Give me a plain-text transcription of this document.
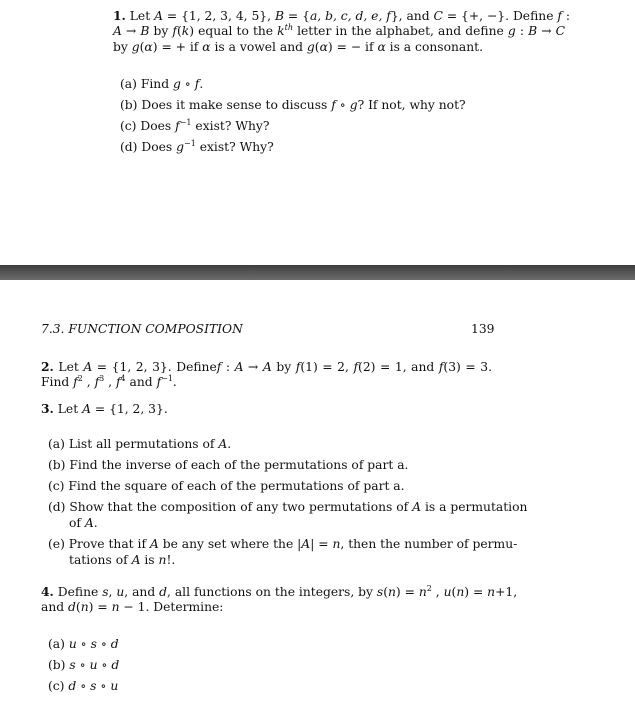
1. Let A = {1, 2, 3, 4, 5}, B = {a, b, c, d, e, f}, and C = {+, −}. Define f :
A → B by f(k) equal to the $k^{th}$ letter in the alphabet, and define g : B → C
by g(α) = + if α is a vowel and g(α) = − if α is a consonant.
(a) Find g ∘ f.
(b) Does it make sense to discuss f ∘ g? If not, why not?
(c) Does $f^{-1}$ exist? Why?
(d) Does $g^{-1}$ exist? Why?
7.3. FUNCTION COMPOSITION	139
2. Let A = {1, 2, 3}. Definef : A → A by f(1) = 2, f(2) = 1, and f(3) = 3.
Find $f^2$ , $f^3$ , $f^4$ and $f^{-1}$.
3. Let A = {1, 2, 3}.
(a) List all permutations of A.
(b) Find the inverse of each of the permutations of part a.
(c) Find the square of each of the permutations of part a.
(d) Show that the composition of any two permutations of A is a permutation
of A.
(e) Prove that if A be any set where the |A| = n, then the number of permu-
tations of A is n!.
4. Define s, u, and d, all functions on the integers, by $s(n) = n^2$ , u(n) = n+1,
and d(n) = n − 1. Determine:
(a) u ∘ s ∘ d
(b) s ∘ u ∘ d
(c) d ∘ s ∘ u
